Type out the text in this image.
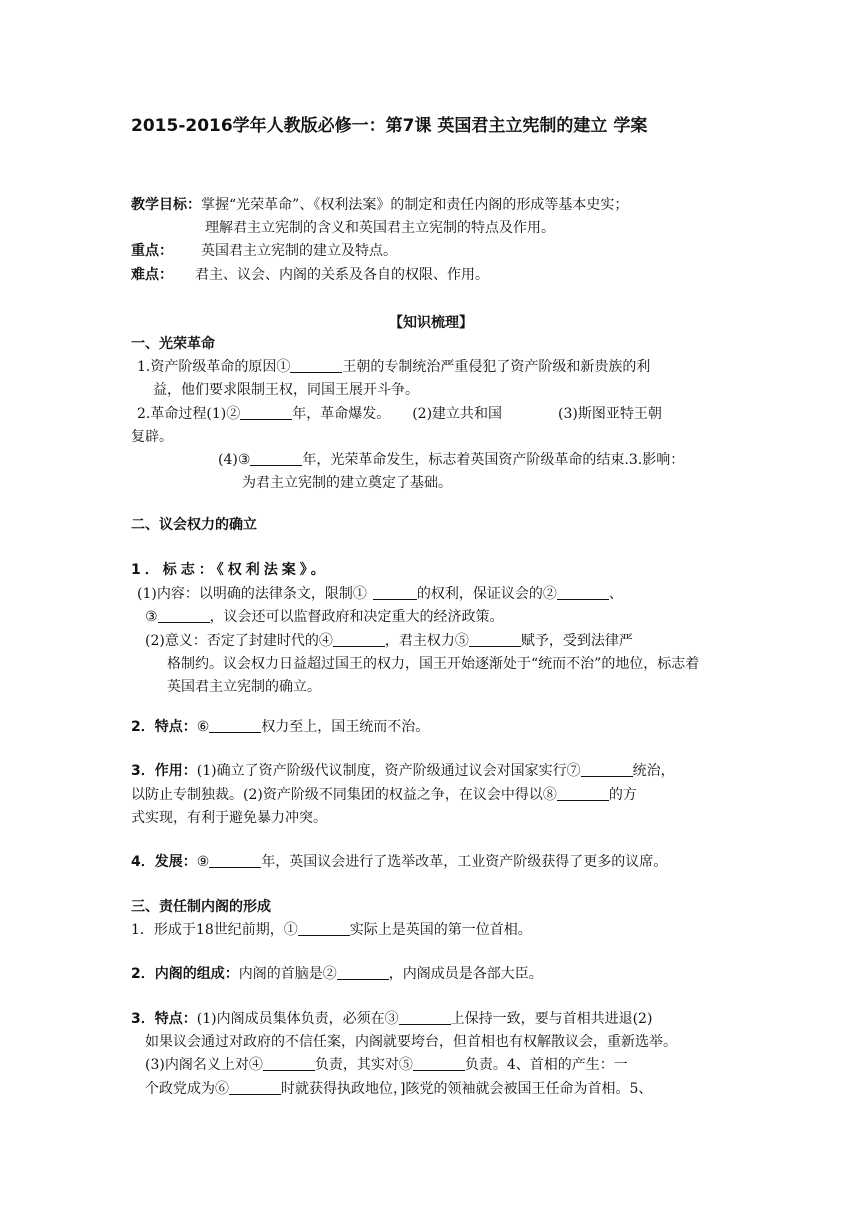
2015-2016学年人教版必修一：第7课 英国君主立宪制的建立 学案
教学目标：掌握“光荣革命”、《权利法案》的制定和责任内阁的形成等基本史实；
理解君主立宪制的含义和英国君主立宪制的特点及作用。
重点： 英国君主立宪制的建立及特点。
难点： 君主、议会、内阁的关系及各自的权限、作用。
【知识梳理】
一、光荣革命
1.资产阶级革命的原因①	王朝的专制统治严重侵犯了资产阶级和新贵族的利
益，他们要求限制王权，同国王展开斗争。
2.革命过程(1)②	年，革命爆发。 (2)建立共和国	(3)斯图亚特王朝
复辟。
(4)③	年，光荣革命发生，标志着英国资产阶级革命的结束.3.影响：
为君主立宪制的建立奠定了基础。
二、议会权力的确立
1．标志：《权利法案》。
(1)内容：以明确的法律条文，限制①	的权利，保证议会的②	、
③	，议会还可以监督政府和决定重大的经济政策。
(2)意义：否定了封建时代的④	，君主权力⑤	赋予，受到法律严
格制约。议会权力日益超过国王的权力，国王开始逐渐处于“统而不治”的地位，标志着
英国君主立宪制的确立。
2．特点：⑥	权力至上，国王统而不治。
3．作用：(1)确立了资产阶级代议制度，资产阶级通过议会对国家实行⑦	统治，
以防止专制独裁。(2)资产阶级不同集团的权益之争，在议会中得以⑧	的方
式实现，有利于避免暴力冲突。
4．发展：⑨	年，英国议会进行了选举改革，工业资产阶级获得了更多的议席。
三、责任制内阁的形成
1．形成于18世纪前期，①	实际上是英国的第一位首相。
2．内阁的组成：内阁的首脑是②	，内阁成员是各部大臣。
3．特点：(1)内阁成员集体负责，必须在③	上保持一致，要与首相共进退(2)
如果议会通过对政府的不信任案，内阁就要垮台，但首相也有权解散议会，重新选举。
(3)内阁名义上对④	负责，其实对⑤	负责。4、首相的产生：一
个政党成为⑥	时就获得执政地位，]陔党的领袖就会被国王任命为首相。5、
